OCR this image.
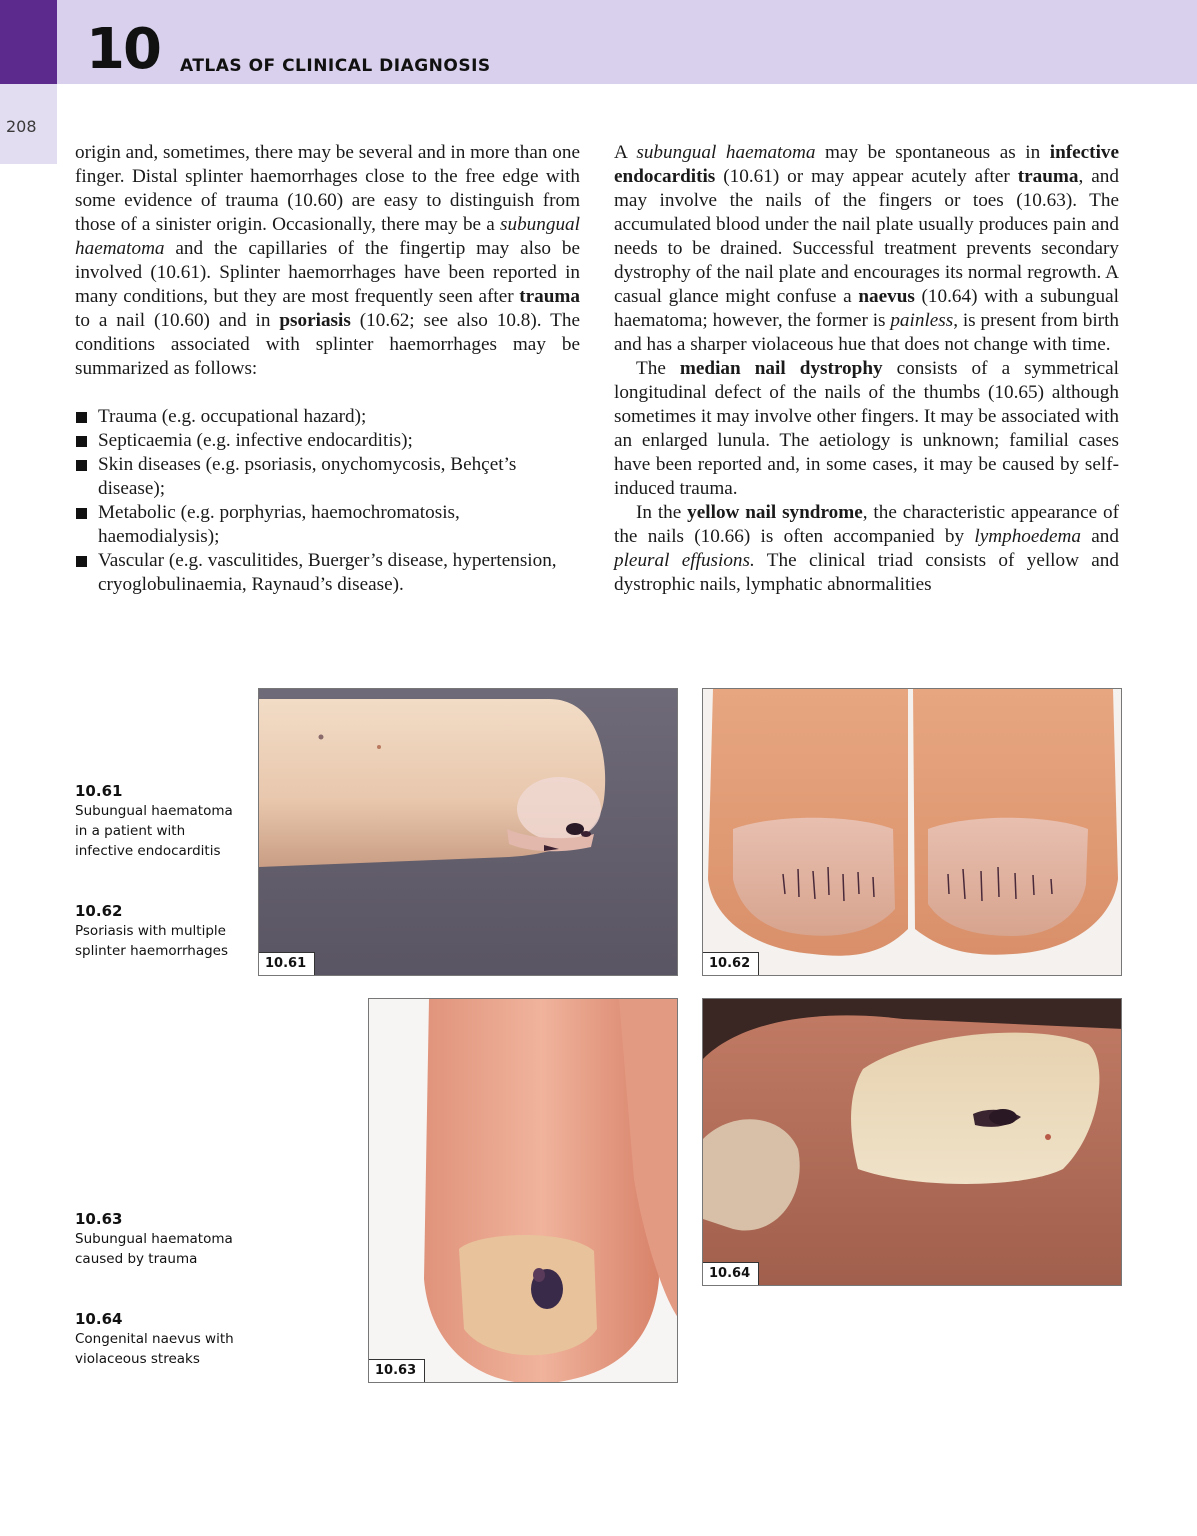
10 ATLAS OF CLINICAL DIAGNOSIS
208

origin and, sometimes, there may be several and in more than one finger. Distal splinter haemorrhages close to the free edge with some evidence of trauma (10.60) are easy to distinguish from those of a sinister origin. Occasionally, there may be a subungual haematoma and the capillaries of the fingertip may also be involved (10.61). Splinter haemorrhages have been reported in many conditions, but they are most frequently seen after trauma to a nail (10.60) and in psoriasis (10.62; see also 10.8). The conditions associated with splinter haemorrhages may be summarized as follows:

Trauma (e.g. occupational hazard);
Septicaemia (e.g. infective endocarditis);
Skin diseases (e.g. psoriasis, onychomycosis, Behçet’s disease);
Metabolic (e.g. porphyrias, haemochromatosis, haemodialysis);
Vascular (e.g. vasculitides, Buerger’s disease, hypertension, cryoglobulinaemia, Raynaud’s disease).

A subungual haematoma may be spontaneous as in infective endocarditis (10.61) or may appear acutely after trauma, and may involve the nails of the fingers or toes (10.63). The accumulated blood under the nail plate usually produces pain and needs to be drained. Successful treatment prevents secondary dystrophy of the nail plate and encourages its normal regrowth. A casual glance might confuse a naevus (10.64) with a subungual haematoma; however, the former is painless, is present from birth and has a sharper violaceous hue that does not change with time.

The median nail dystrophy consists of a symmetrical longitudinal defect of the nails of the thumbs (10.65) although sometimes it may involve other fingers. It may be associated with an enlarged lunula. The aetiology is unknown; familial cases have been reported and, in some cases, it may be caused by self-induced trauma.

In the yellow nail syndrome, the characteristic appearance of the nails (10.66) is often accompanied by lymphoedema and pleural effusions. The clinical triad consists of yellow and dystrophic nails, lymphatic abnormalities

10.61
Subungual haematoma in a patient with infective endocarditis
10.62
Psoriasis with multiple splinter haemorrhages
10.63
Subungual haematoma caused by trauma
10.64
Congenital naevus with violaceous streaks
10.61	10.62
10.63
10.64
